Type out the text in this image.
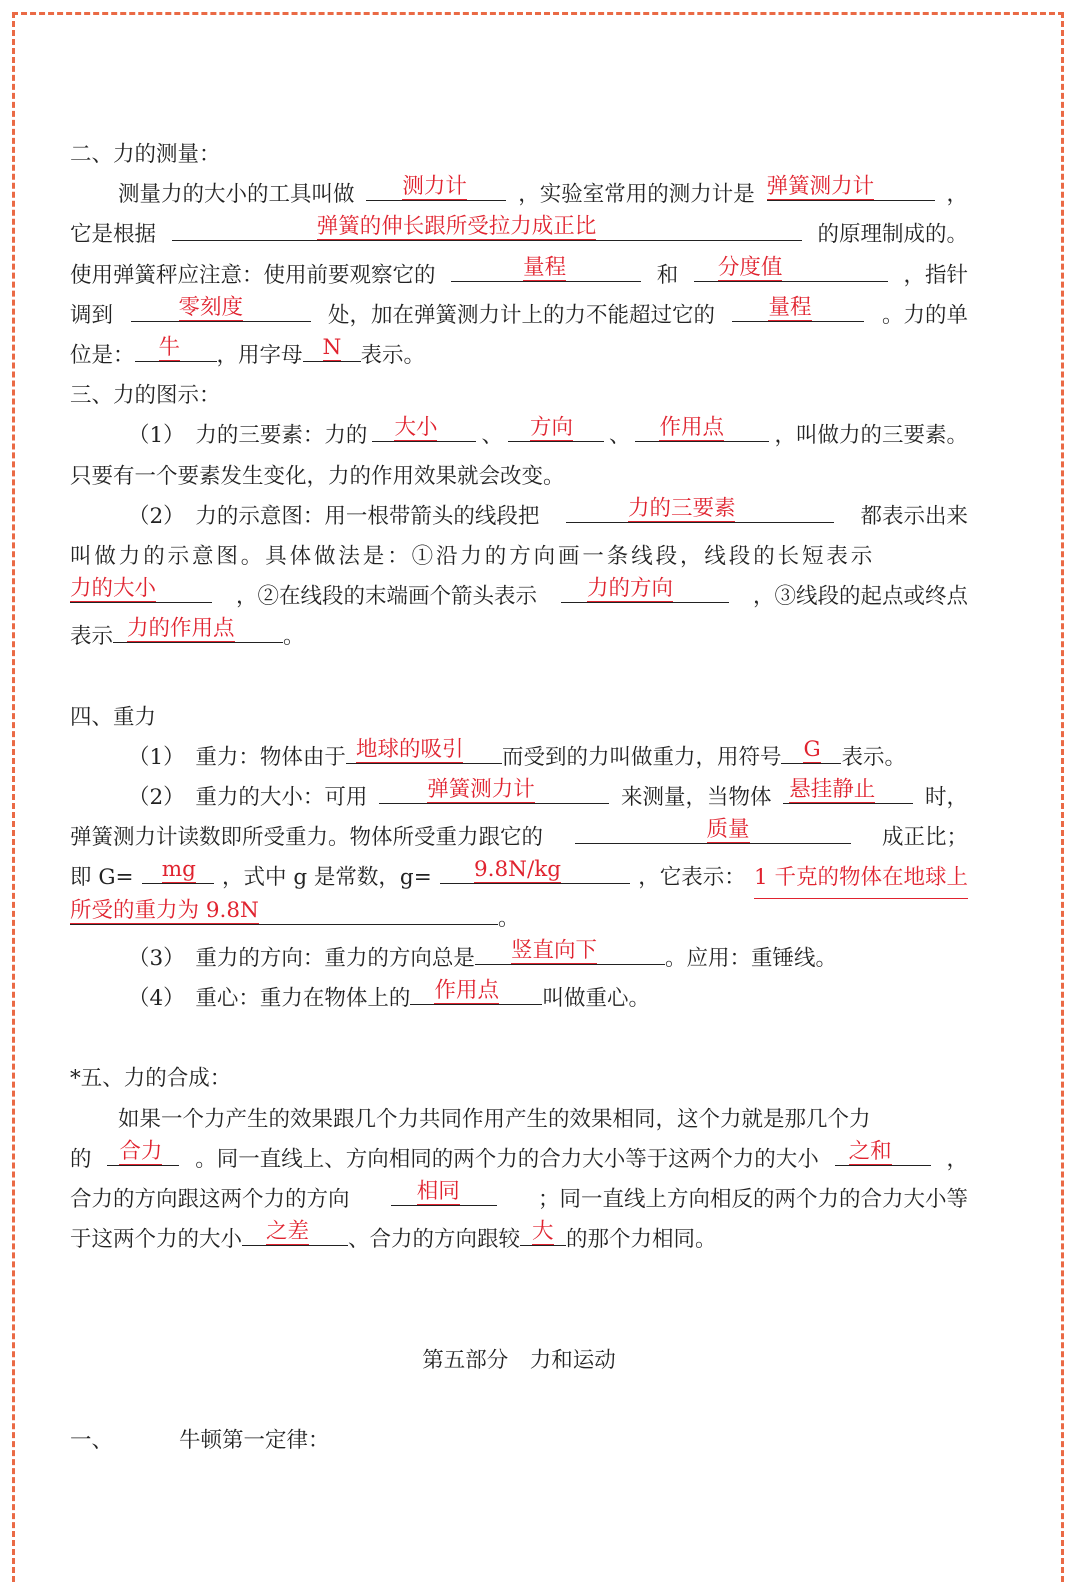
二、力的测量：
测量力的大小的工具叫做 测力计 ，实验室常用的测力计是 弹簧测力计	，
它是根据	弹簧的伸长跟所受拉力成正比	的原理制成的。
使用弹簧秤应注意：使用前要观察它的	量程	和 分度值	，指针
调到	零刻度	处，加在弹簧测力计上的力不能超过它的 量程	。力的单
位是： 牛 ，用字母 N 表示。
三、力的图示：
（1）　力的三要素：力的 大小 、 方向 、 作用点 ，叫做力的三要素。
只要有一个要素发生变化，力的作用效果就会改变。
（2）　力的示意图：用一根带箭头的线段把	力的三要素	都表示出来
叫做力的示意图。具体做法是：①沿力的方向画一条线段，线段的长短表示
力的大小	，②在线段的末端画个箭头表示 力的方向	，③线段的起点或终点
表示 力的作用点 。
四、重力
（1）　重力：物体由于 地球的吸引 而受到的力叫做重力，用符号 G 表示。
（2）　重力的大小：可用	弹簧测力计	来测量，当物体 悬挂静止 时，
弹簧测力计读数即所受重力。物体所受重力跟它的	质量	成正比；
即 G= mg ，式中 g 是常数，g= 9.8N/kg	，它表示： 1 千克的物体在地球上
所受的重力为 9.8N	。
（3）　重力的方向：重力的方向总是 竖直向下	。应用：重锤线。
（4）　重心：重力在物体上的 作用点 叫做重心。
*五、力的合成：
如果一个力产生的效果跟几个力共同作用产生的效果相同，这个力就是那几个力
的 合力 。同一直线上、方向相同的两个力的合力大小等于这两个力的大小 之和	，
合力的方向跟这两个力的方向	相同	；同一直线上方向相反的两个力的合力大小等
于这两个力的大小 之差 、合力的方向跟较 大 的那个力相同。
第五部分　力和运动
一、	牛顿第一定律：
